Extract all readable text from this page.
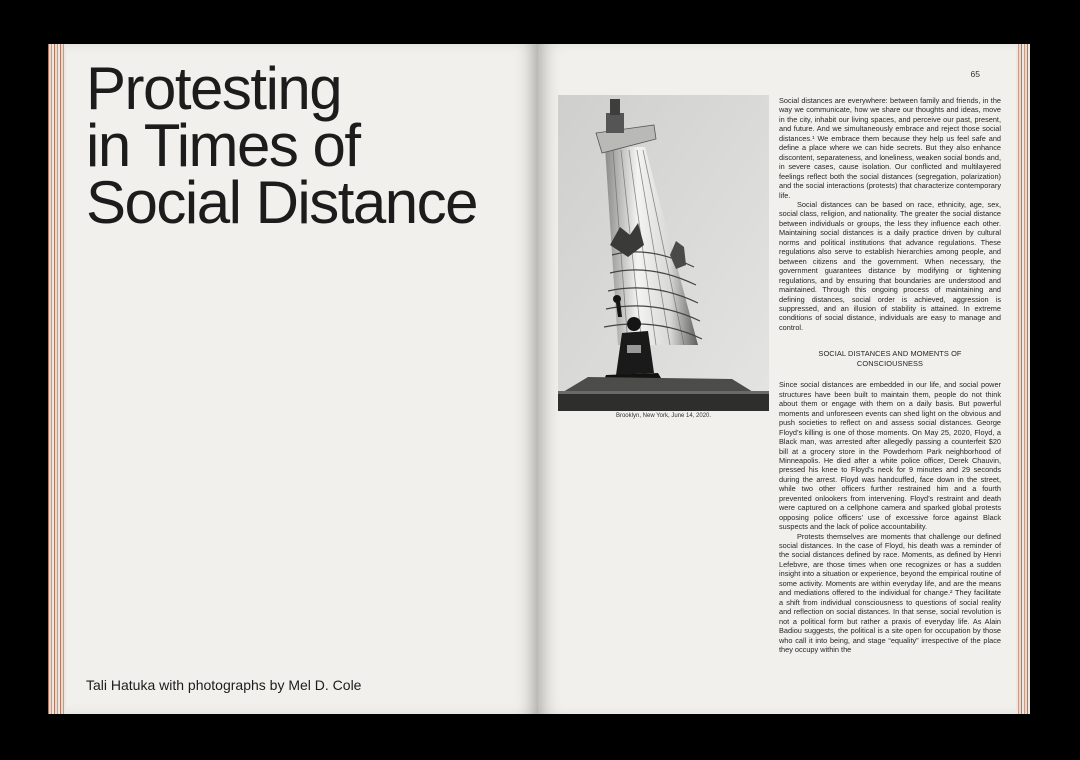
Protesting
in Times of
Social Distance
Tali Hatuka with photographs by Mel D. Cole
65
Brooklyn, New York, June 14, 2020.

Social distances are everywhere: between family and friends, in the way we communicate, how we share our thoughts and ideas, move in the city, inhabit our living spaces, and perceive our past, present, and future. And we simultaneously embrace and reject those social distances.¹ We embrace them because they help us feel safe and define a place where we can hide secrets. But they also enhance discontent, separateness, and loneliness, weaken social bonds and, in severe cases, cause isolation. Our conflicted and multilayered feelings reflect both the social distances (segregation, polarization) and the social interactions (protests) that characterize contemporary life.

Social distances can be based on race, ethnicity, age, sex, social class, religion, and nationality. The greater the social distance between individuals or groups, the less they influence each other. Maintaining social distances is a daily practice driven by cultural norms and political institutions that advance regulations. These regulations also serve to establish hierarchies among people, and between citizens and the government. When necessary, the government guarantees distance by modifying or tightening regulations, and by ensuring that boundaries are understood and maintained. Through this ongoing process of maintaining and defining distances, social order is achieved, aggression is suppressed, and an illusion of stability is attained. In extreme conditions of social distance, individuals are easy to manage and control.

SOCIAL DISTANCES AND MOMENTS OF
CONSCIOUSNESS

Since social distances are embedded in our life, and social power structures have been built to maintain them, people do not think about them or engage with them on a daily basis. But powerful moments and unforeseen events can shed light on the obvious and push societies to reflect on and assess social distances. George Floyd’s killing is one of those moments. On May 25, 2020, Floyd, a Black man, was arrested after allegedly passing a counterfeit $20 bill at a grocery store in the Powderhorn Park neighborhood of Minneapolis. He died after a white police officer, Derek Chauvin, pressed his knee to Floyd’s neck for 9 minutes and 29 seconds during the arrest. Floyd was handcuffed, face down in the street, while two other officers further restrained him and a fourth prevented onlookers from intervening. Floyd’s restraint and death were captured on a cellphone camera and sparked global protests opposing police officers’ use of excessive force against Black suspects and the lack of police accountability.

Protests themselves are moments that challenge our defined social distances. In the case of Floyd, his death was a reminder of the social distances defined by race. Moments, as defined by Henri Lefebvre, are those times when one recognizes or has a sudden insight into a situation or experience, beyond the empirical routine of some activity. Moments are within everyday life, and are the means and mediations offered to the individual for change.² They facilitate a shift from individual consciousness to questions of social reality and reflection on social distances. In that sense, social revolution is not a political form but rather a praxis of everyday life. As Alain Badiou suggests, the political is a site open for occupation by those who call it into being, and stage “equality” irrespective of the place they occupy within the
